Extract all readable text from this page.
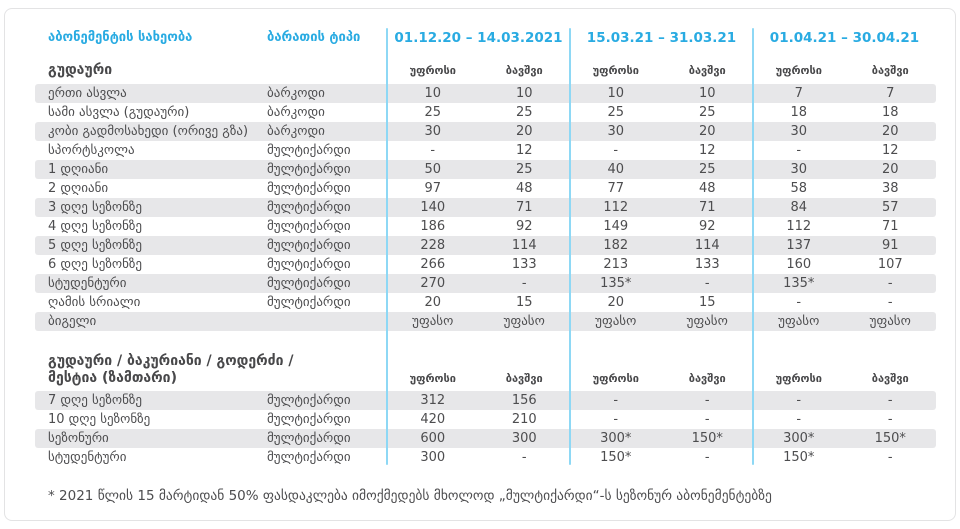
აბონემენტის სახეობა	ბარათის ტიპი	01.12.20 – 14.03.2021	15.03.21 – 31.03.21	01.04.21 – 30.04.21
გუდაური	უფროსი	ბავშვი	უფროსი	ბავშვი	უფროსი	ბავშვი
ერთი ასვლა	ბარკოდი	10	10	10	10	7	7
სამი ასვლა (გუდაური)	ბარკოდი	25	25	25	25	18	18
კობი გადმოსახედი (ორივე გზა)	ბარკოდი	30	20	30	20	30	20
სპორტსკოლა	მულტიქარდი	-	12	-	12	-	12
1 დღიანი	მულტიქარდი	50	25	40	25	30	20
2 დღიანი	მულტიქარდი	97	48	77	48	58	38
3 დღე სეზონზე	მულტიქარდი	140	71	112	71	84	57
4 დღე სეზონზე	მულტიქარდი	186	92	149	92	112	71
5 დღე სეზონზე	მულტიქარდი	228	114	182	114	137	91
6 დღე სეზონზე	მულტიქარდი	266	133	213	133	160	107
სტუდენტური	მულტიქარდი	270	-	135*	-	135*	-
ღამის სრიალი	მულტიქარდი	20	15	20	15	-	-
ბიგელი	უფასო	უფასო	უფასო	უფასო	უფასო	უფასო
გუდაური / ბაკურიანი / გოდერძი /
მესტია (ზამთარი)	უფროსი	ბავშვი	უფროსი	ბავშვი	უფროსი	ბავშვი
7 დღე სეზონზე	მულტიქარდი	312	156	-	-	-	-
10 დღე სეზონზე	მულტიქარდი	420	210	-	-	-	-
სეზონური	მულტიქარდი	600	300	300*	150*	300*	150*
სტუდენტური	მულტიქარდი	300	-	150*	-	150*	-
* 2021 წლის 15 მარტიდან 50% ფასდაკლება იმოქმედებს მხოლოდ „მულტიქარდი“-ს სეზონურ აბონემენტებზე
